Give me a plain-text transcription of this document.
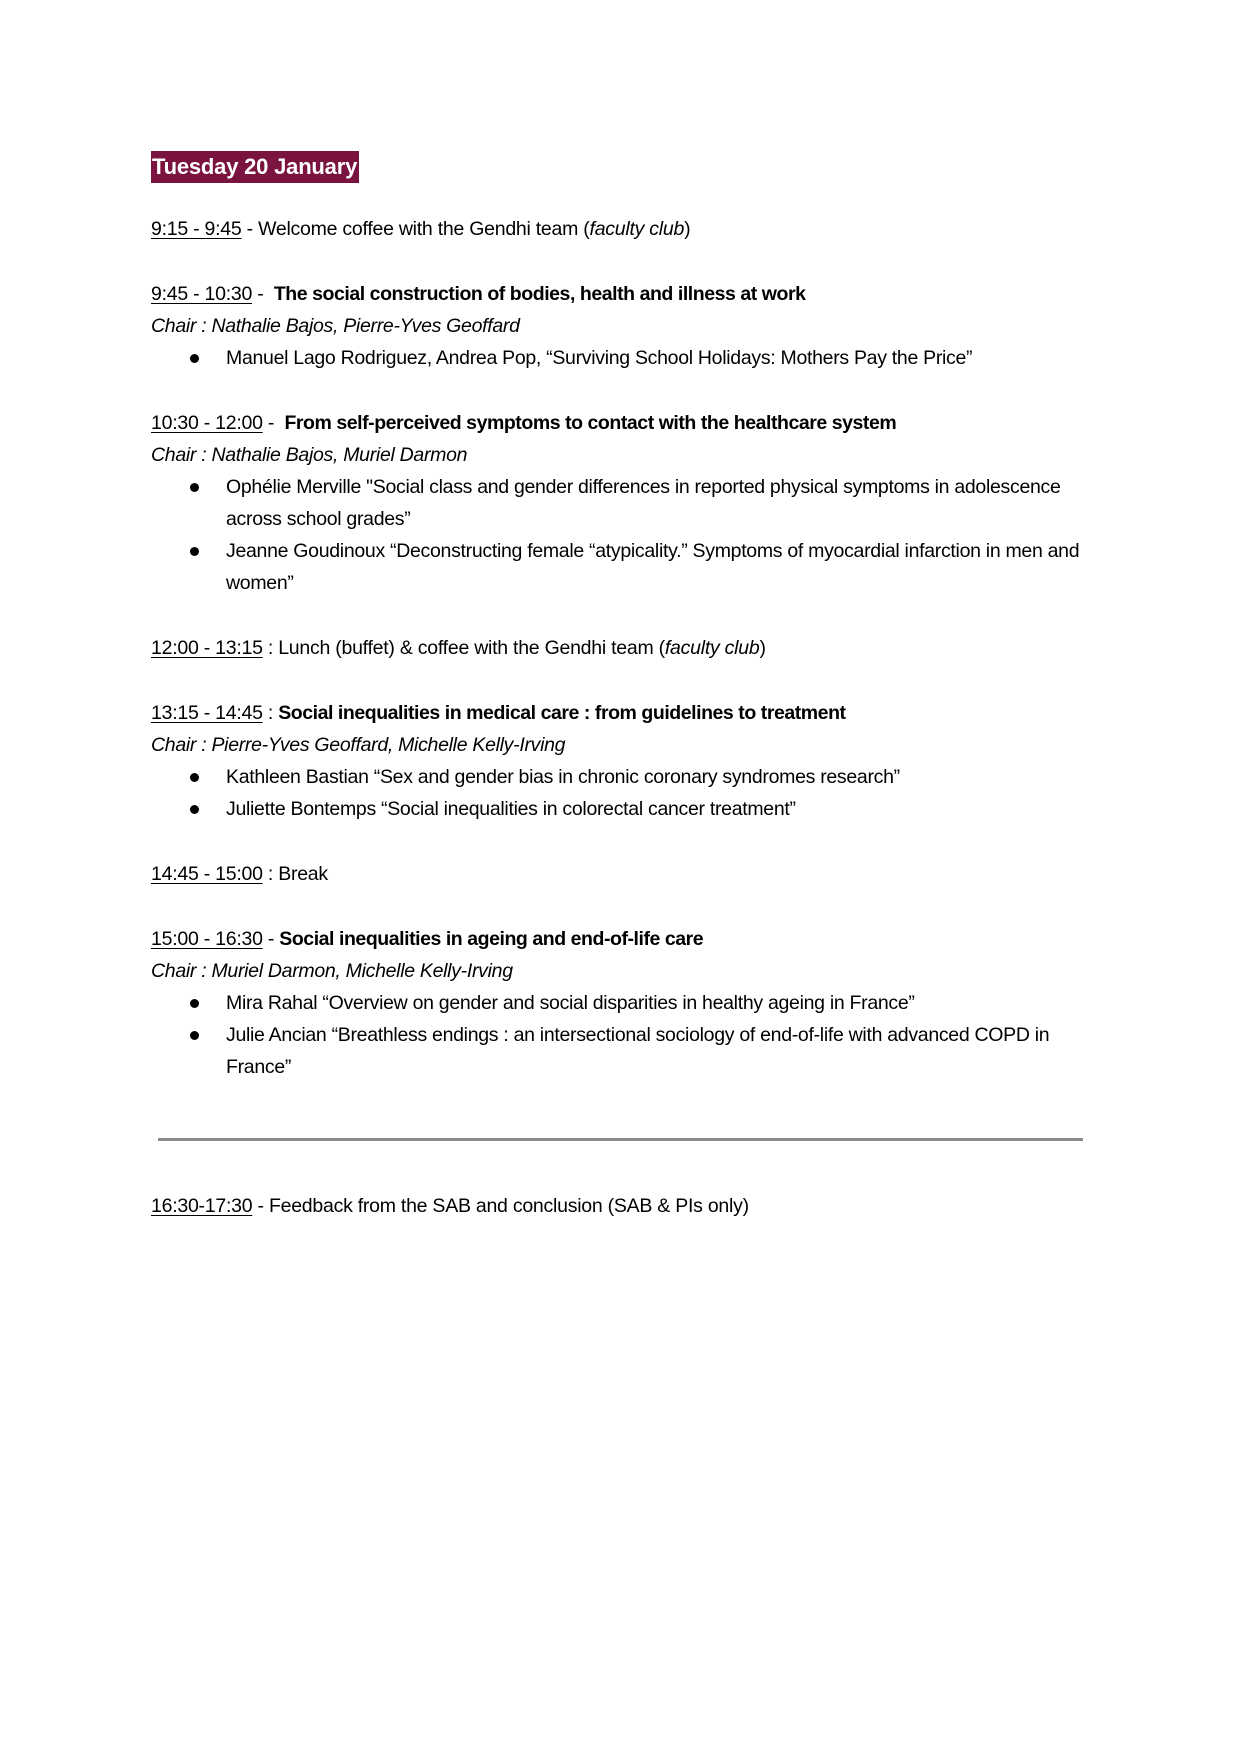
Tuesday 20 January
9:15 - 9:45 - Welcome coffee with the Gendhi team (faculty club)
9:45 - 10:30 -  The social construction of bodies, health and illness at work
Chair : Nathalie Bajos, Pierre-Yves Geoffard
Manuel Lago Rodriguez, Andrea Pop, “Surviving School Holidays: Mothers Pay the Price”
10:30 - 12:00 -  From self-perceived symptoms to contact with the healthcare system
Chair : Nathalie Bajos, Muriel Darmon
Ophélie Merville "Social class and gender differences in reported physical symptoms in adolescence across school grades”
Jeanne Goudinoux “Deconstructing female “atypicality.” Symptoms of myocardial infarction in men and women”
12:00 - 13:15 : Lunch (buffet) & coffee with the Gendhi team (faculty club)
13:15 - 14:45 : Social inequalities in medical care : from guidelines to treatment
Chair : Pierre-Yves Geoffard, Michelle Kelly-Irving
Kathleen Bastian “Sex and gender bias in chronic coronary syndromes research”
Juliette Bontemps “Social inequalities in colorectal cancer treatment”
14:45 - 15:00 : Break
15:00 - 16:30 - Social inequalities in ageing and end-of-life care
Chair : Muriel Darmon, Michelle Kelly-Irving
Mira Rahal “Overview on gender and social disparities in healthy ageing in France”
Julie Ancian “Breathless endings : an intersectional sociology of end-of-life with advanced COPD in France”
16:30-17:30 - Feedback from the SAB and conclusion (SAB & PIs only)
